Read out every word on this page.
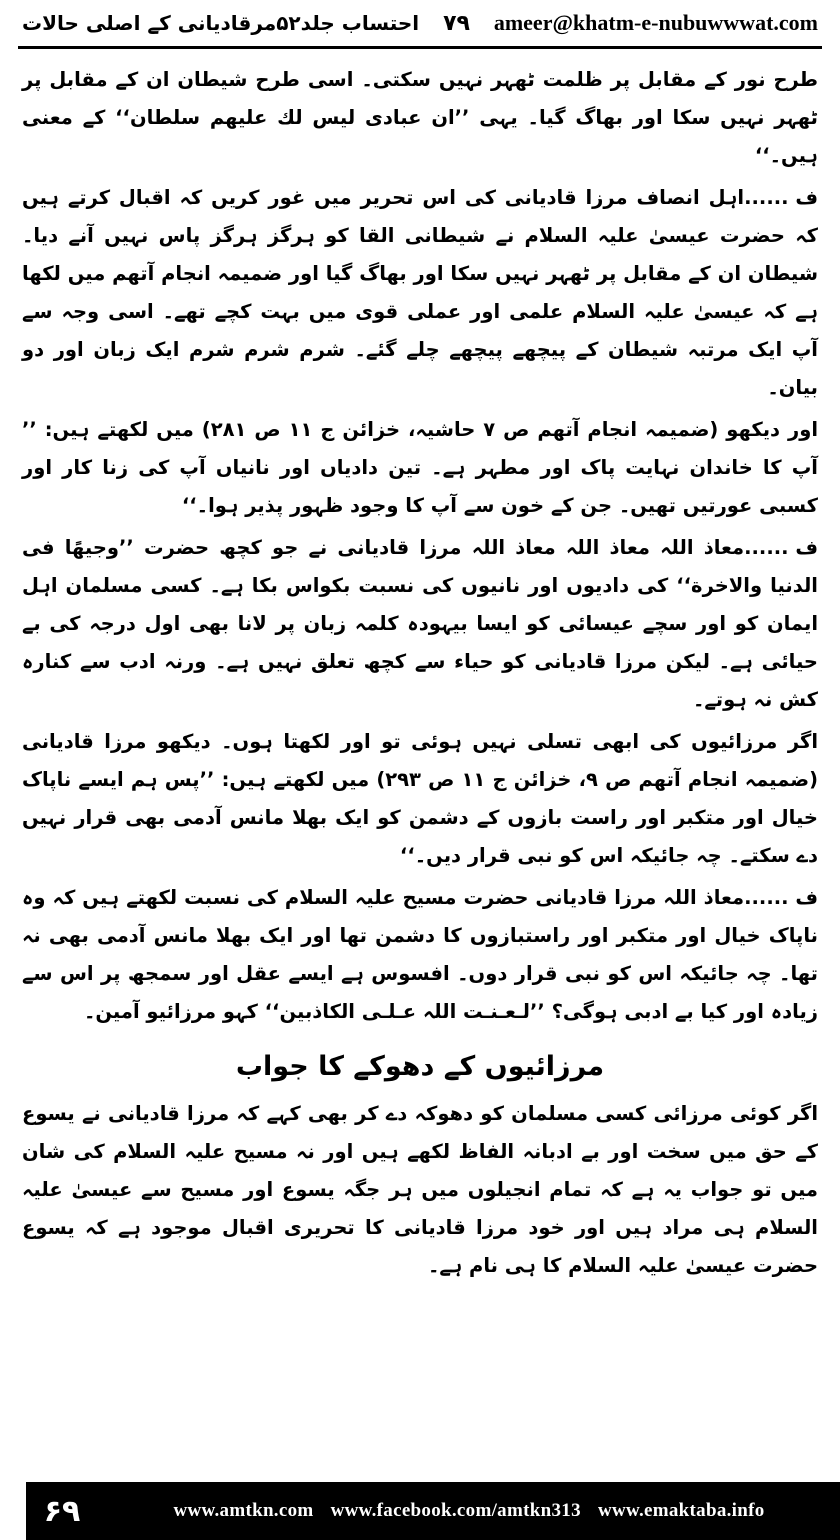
احتساب جلد۵۲مرقادیانی کے اصلی حالات	۷۹	ameer@khatm-e-nubuwwwat.com

طرح نور کے مقابل پر ظلمت ٹھہر نہیں سکتی۔ اسی طرح شیطان ان کے مقابل پر ٹھہر نہیں سکا اور بھاگ گیا۔ یہی ’’ان عبادی لیس لك عليهم سلطان‘‘ کے معنی ہیں۔‘‘

ف ......اہل انصاف مرزا قادیانی کی اس تحریر میں غور کریں کہ اقبال کرتے ہیں کہ حضرت عیسیٰ علیہ السلام نے شیطانی القا کو ہرگز ہرگز پاس نہیں آنے دیا۔ شیطان ان کے مقابل پر ٹھہر نہیں سکا اور بھاگ گیا اور ضمیمہ انجام آتھم میں لکھا ہے کہ عیسیٰ علیہ السلام علمی اور عملی قوی میں بہت کچے تھے۔ اسی وجہ سے آپ ایک مرتبہ شیطان کے پیچھے پیچھے چلے گئے۔ شرم شرم شرم ایک زبان اور دو بیان۔

اور دیکھو (ضمیمہ انجام آتھم ص ۷ حاشیہ، خزائن ج ۱۱ ص ۲۸۱) میں لکھتے ہیں: ’’ آپ کا خاندان نہایت پاک اور مطہر ہے۔ تین دادیاں اور نانیاں آپ کی زنا کار اور کسبی عورتیں تھیں۔ جن کے خون سے آپ کا وجود ظہور پذیر ہوا۔‘‘

ف ......معاذ اللہ معاذ اللہ معاذ اللہ مرزا قادیانی نے جو کچھ حضرت ’’وجيهًا فى الدنيا والاخرة‘‘ کی دادیوں اور نانیوں کی نسبت بکواس بکا ہے۔ کسی مسلمان اہل ایمان کو اور سچے عیسائی کو ایسا بیہودہ کلمہ زبان پر لانا بھی اول درجہ کی بے حیائی ہے۔ لیکن مرزا قادیانی کو حیاء سے کچھ تعلق نہیں ہے۔ ورنہ ادب سے کنارہ کش نہ ہوتے۔

اگر مرزائیوں کی ابھی تسلی نہیں ہوئی تو اور لکھتا ہوں۔ دیکھو مرزا قادیانی (ضمیمہ انجام آتھم ص ۹، خزائن ج ۱۱ ص ۲۹۳) میں لکھتے ہیں: ’’پس ہم ایسے ناپاک خیال اور متکبر اور راست بازوں کے دشمن کو ایک بھلا مانس آدمی بھی قرار نہیں دے سکتے۔ چہ جائیکہ اس کو نبی قرار دیں۔‘‘

ف ......معاذ اللہ مرزا قادیانی حضرت مسیح علیہ السلام کی نسبت لکھتے ہیں کہ وہ ناپاک خیال اور متکبر اور راستبازوں کا دشمن تھا اور ایک بھلا مانس آدمی بھی نہ تھا۔ چہ جائیکہ اس کو نبی قرار دوں۔ افسوس ہے ایسے عقل اور سمجھ پر اس سے زیادہ اور کیا بے ادبی ہوگی؟ ’’لـعـنـت اللہ عـلـى الكاذبين‘‘ کہو مرزائیو آمین۔

مرزائیوں کے دھوکے کا جواب

اگر کوئی مرزائی کسی مسلمان کو دھوکہ دے کر بھی کہے کہ مرزا قادیانی نے یسوع کے حق میں سخت اور بے ادبانہ الفاظ لکھے ہیں اور نہ مسیح علیہ السلام کی شان میں تو جواب یہ ہے کہ تمام انجیلوں میں ہر جگہ یسوع اور مسیح سے عیسیٰ علیہ السلام ہی مراد ہیں اور خود مرزا قادیانی کا تحریری اقبال موجود ہے کہ یسوع حضرت عیسیٰ علیہ السلام کا ہی نام ہے۔

۶۹	www.amtkn.com www.facebook.com/amtkn313 www.emaktaba.info
